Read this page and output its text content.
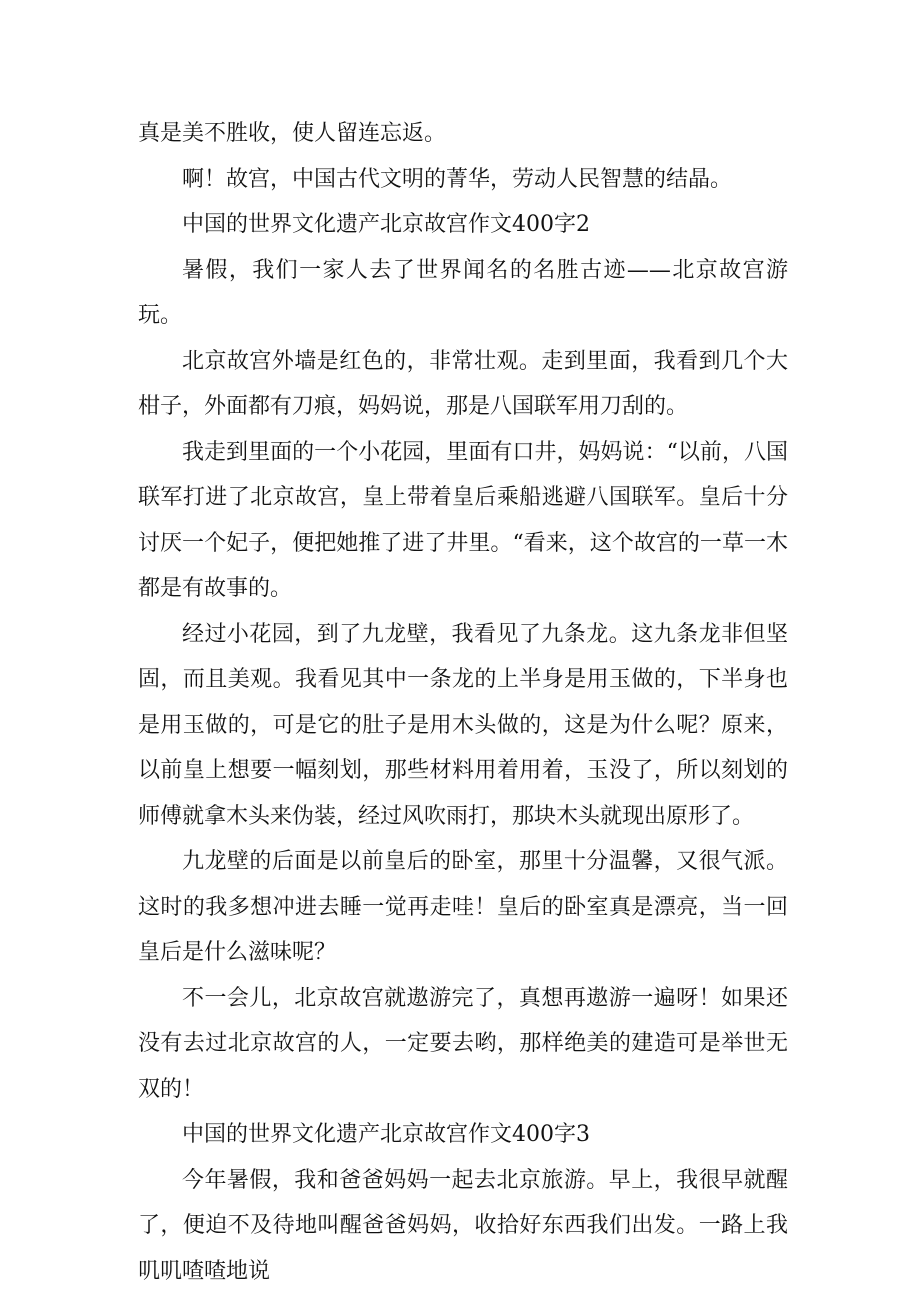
真是美不胜收，使人留连忘返。

啊！故宫，中国古代文明的菁华，劳动人民智慧的结晶。

中国的世界文化遗产北京故宫作文400字2

暑假，我们一家人去了世界闻名的名胜古迹——北京故宫游玩。

北京故宫外墙是红色的，非常壮观。走到里面，我看到几个大柑子，外面都有刀痕，妈妈说，那是八国联军用刀刮的。

我走到里面的一个小花园，里面有口井，妈妈说：“以前，八国联军打进了北京故宫，皇上带着皇后乘船逃避八国联军。皇后十分讨厌一个妃子，便把她推了进了井里。“看来，这个故宫的一草一木都是有故事的。

经过小花园，到了九龙壁，我看见了九条龙。这九条龙非但坚固，而且美观。我看见其中一条龙的上半身是用玉做的，下半身也是用玉做的，可是它的肚子是用木头做的，这是为什么呢？原来，以前皇上想要一幅刻划，那些材料用着用着，玉没了，所以刻划的师傅就拿木头来伪装，经过风吹雨打，那块木头就现出原形了。

九龙壁的后面是以前皇后的卧室，那里十分温馨，又很气派。这时的我多想冲进去睡一觉再走哇！皇后的卧室真是漂亮，当一回皇后是什么滋味呢？

不一会儿，北京故宫就遨游完了，真想再遨游一遍呀！如果还没有去过北京故宫的人，一定要去哟，那样绝美的建造可是举世无双的！

中国的世界文化遗产北京故宫作文400字3

今年暑假，我和爸爸妈妈一起去北京旅游。早上，我很早就醒了，便迫不及待地叫醒爸爸妈妈，收拾好东西我们出发。一路上我叽叽喳喳地说
